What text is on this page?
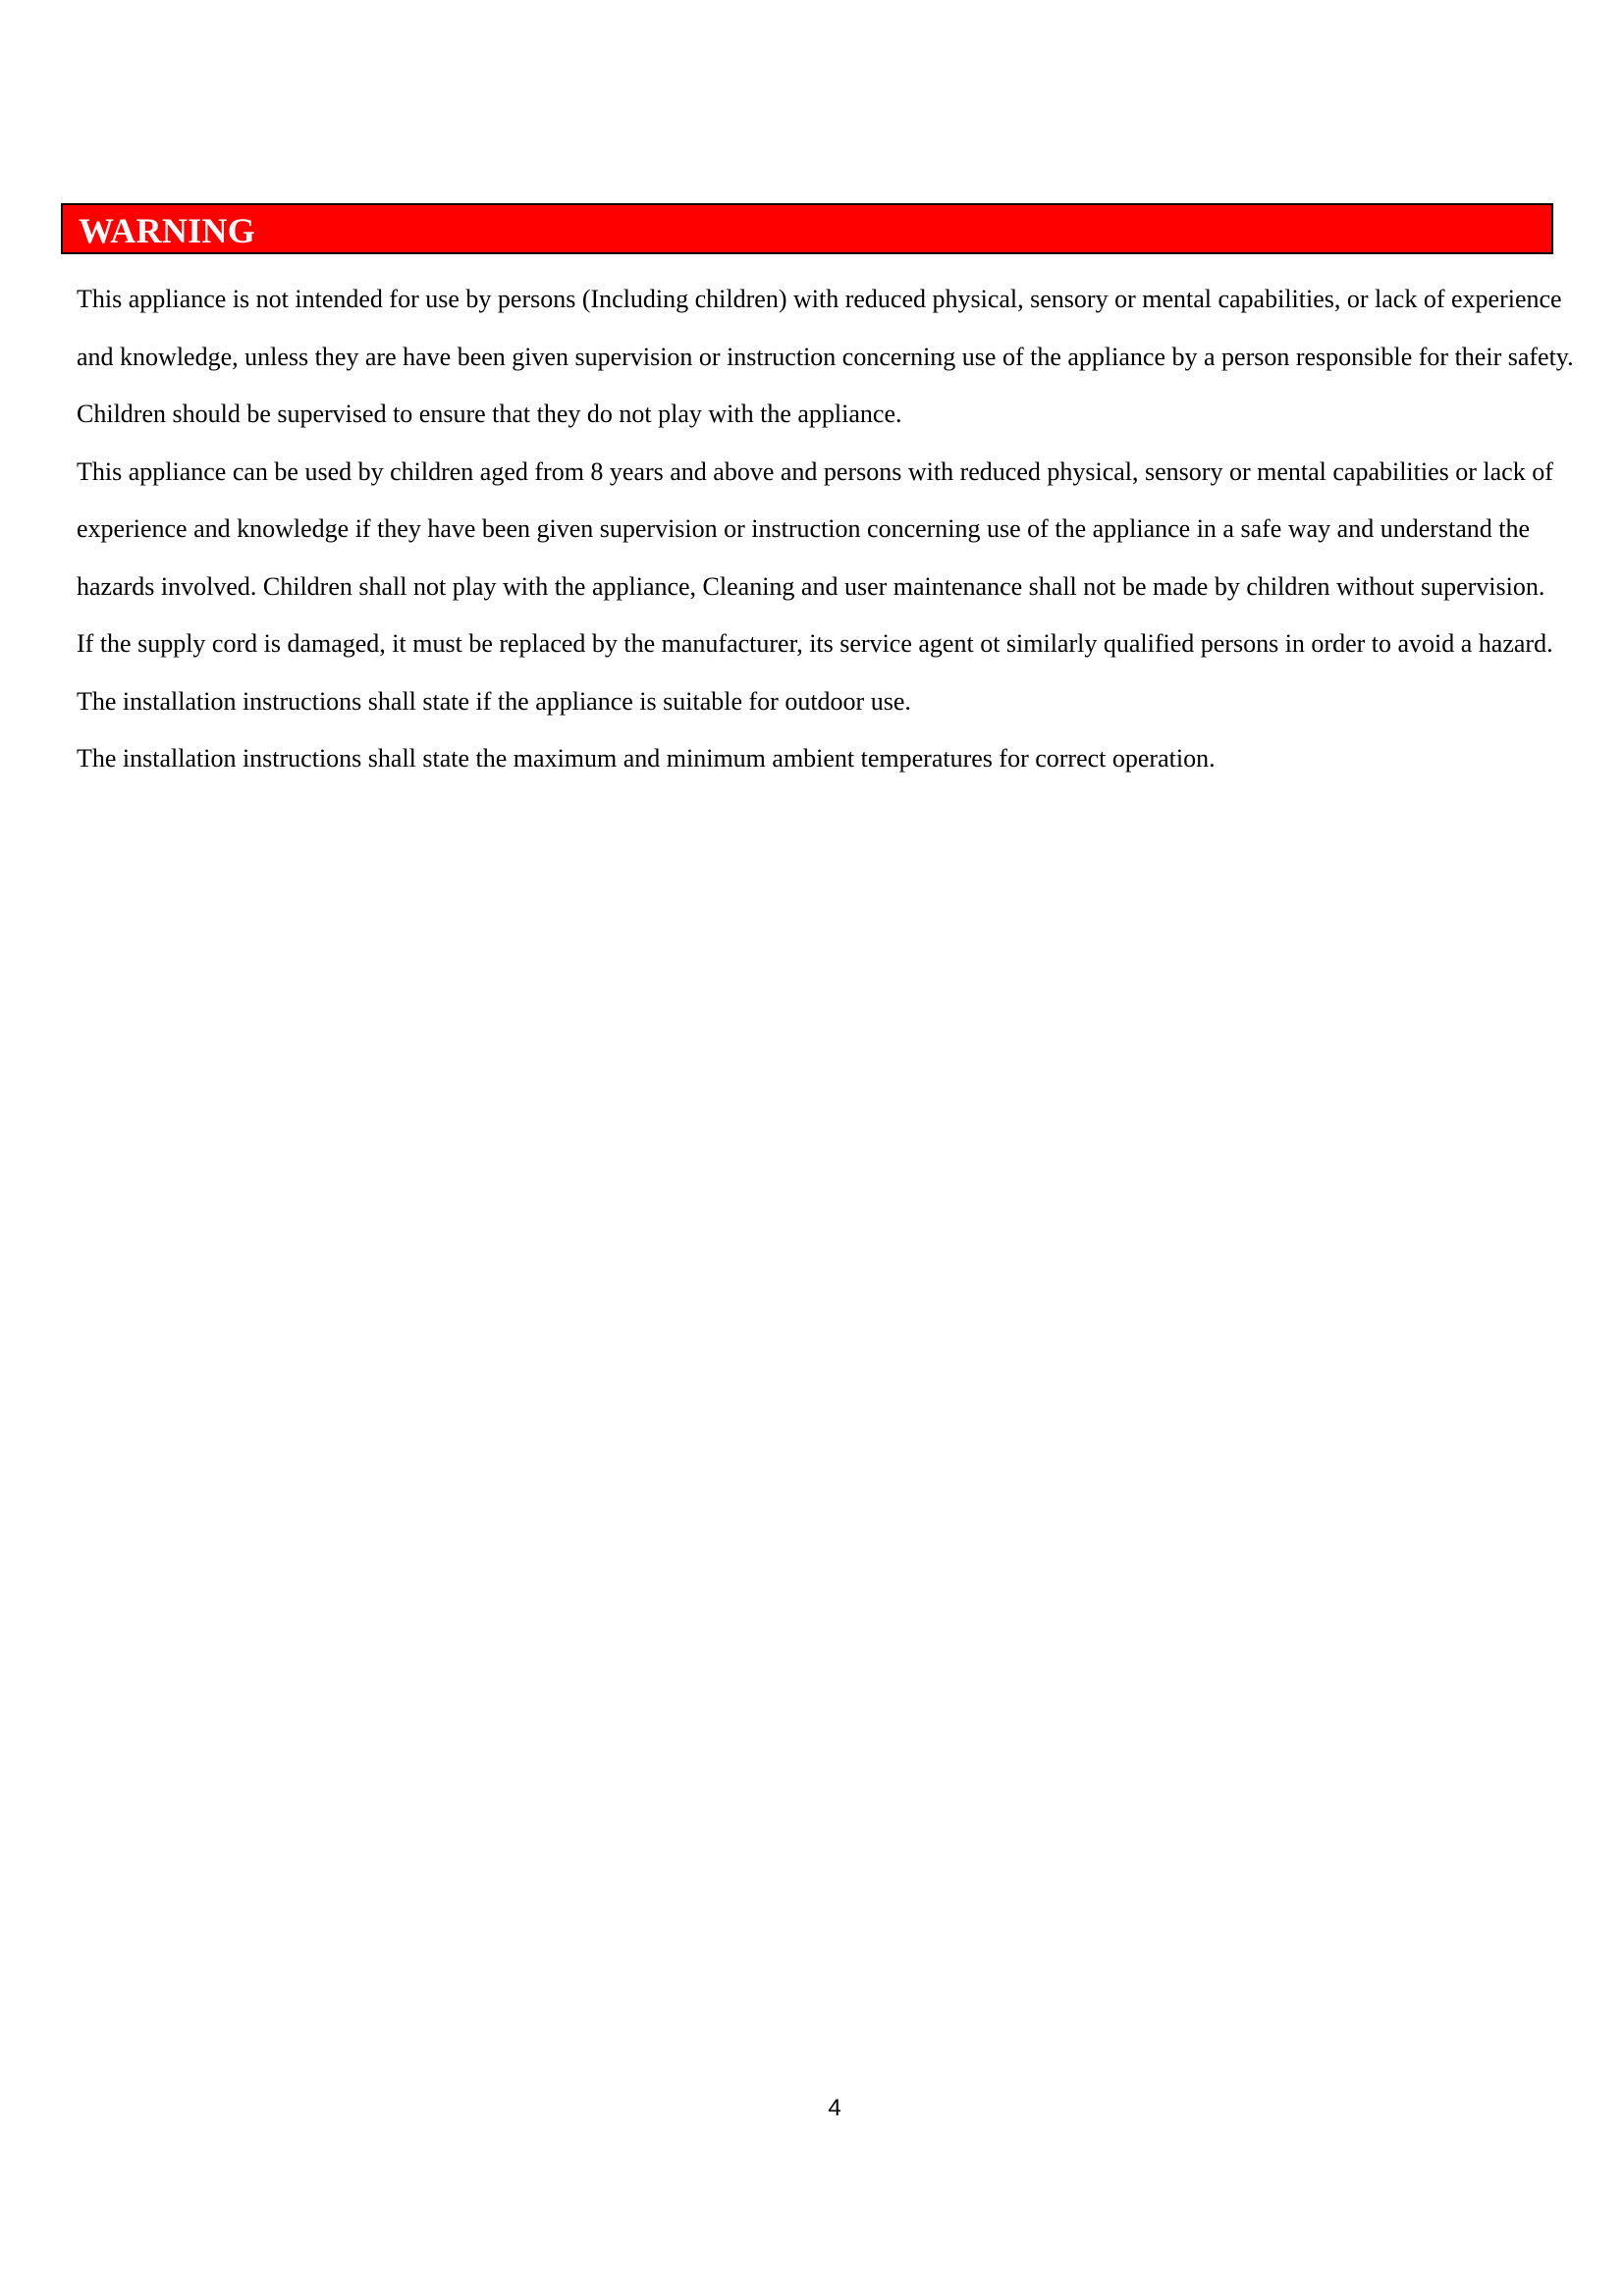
WARNING

This appliance is not intended for use by persons (Including children) with reduced physical, sensory or mental capabilities, or lack of experience and knowledge, unless they are have been given supervision or instruction concerning use of the appliance by a person responsible for their safety.

Children should be supervised to ensure that they do not play with the appliance.

This appliance can be used by children aged from 8 years and above and persons with reduced physical, sensory or mental capabilities or lack of experience and knowledge if they have been given supervision or instruction concerning use of the appliance in a safe way and understand the hazards involved. Children shall not play with the appliance, Cleaning and user maintenance shall not be made by children without supervision.

If the supply cord is damaged, it must be replaced by the manufacturer, its service agent ot similarly qualified persons in order to avoid a hazard.

The installation instructions shall state if the appliance is suitable for outdoor use.

The installation instructions shall state the maximum and minimum ambient temperatures for correct operation.

4
